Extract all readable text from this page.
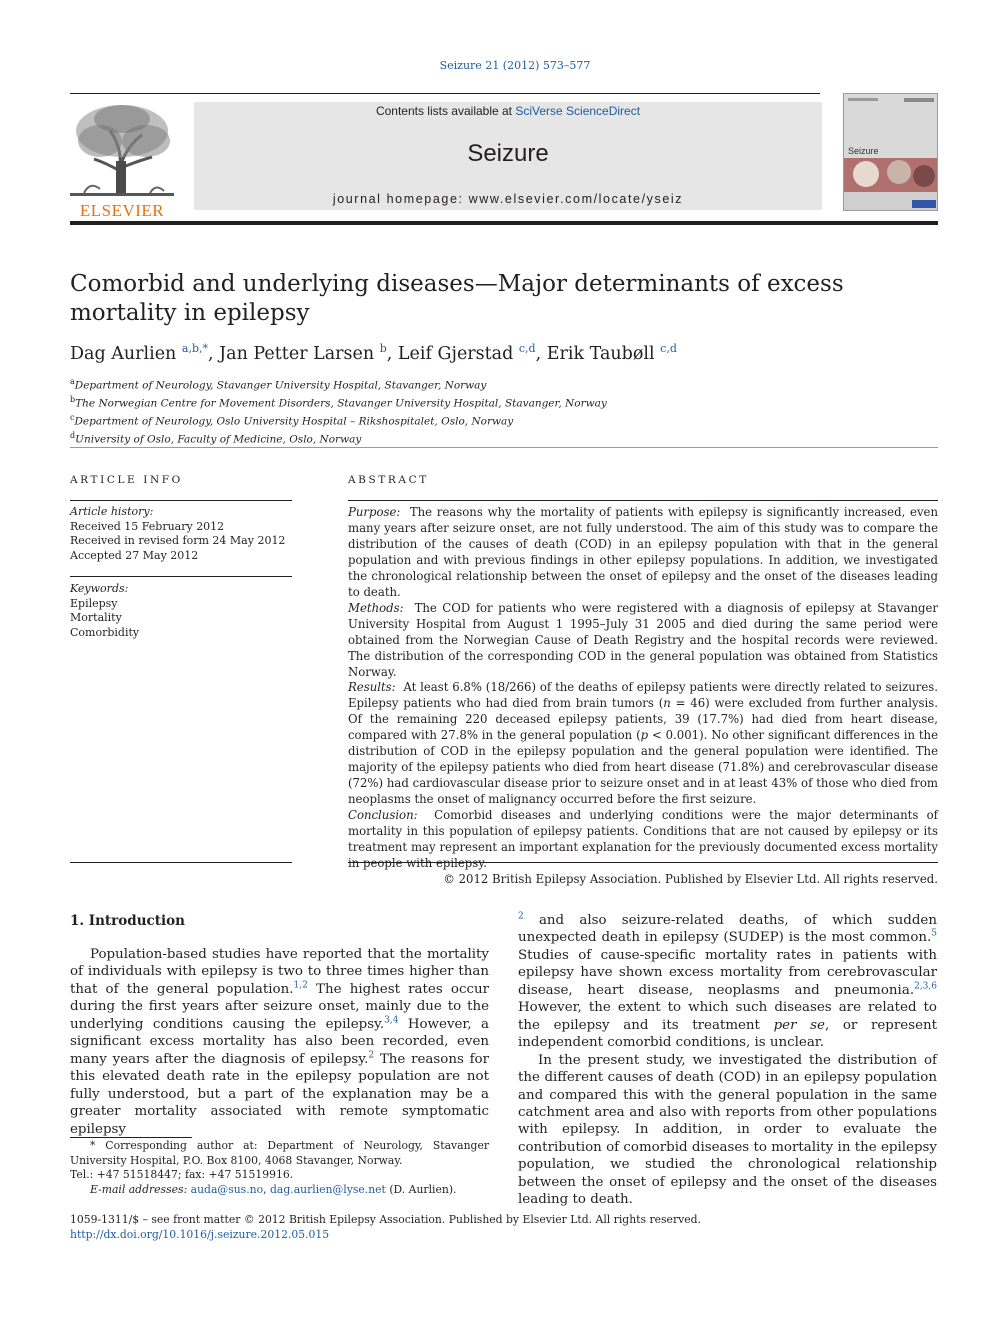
Seizure 21 (2012) 573–577
ELSEVIER
Contents lists available at SciVerse ScienceDirect
Seizure
journal homepage: www.elsevier.com/locate/yseiz
Seizure
Comorbid and underlying diseases—Major determinants of excess mortality in epilepsy
Dag Aurlien $^{a,b,*}$, Jan Petter Larsen $^b$, Leif Gjerstad $^{c,d}$, Erik Taubøll $^{c,d}$
$^a$Department of Neurology, Stavanger University Hospital, Stavanger, Norway
$^b$The Norwegian Centre for Movement Disorders, Stavanger University Hospital, Stavanger, Norway
$^c$Department of Neurology, Oslo University Hospital – Rikshospitalet, Oslo, Norway
$^d$University of Oslo, Faculty of Medicine, Oslo, Norway
ARTICLE INFO	ABSTRACT
Article history:
Received 15 February 2012
Received in revised form 24 May 2012
Accepted 27 May 2012
Keywords:
Epilepsy
Mortality
Comorbidity

Purpose: The reasons why the mortality of patients with epilepsy is significantly increased, even many years after seizure onset, are not fully understood. The aim of this study was to compare the distribution of the causes of death (COD) in an epilepsy population with that in the general population and with previous findings in other epilepsy populations. In addition, we investigated the chronological relationship between the onset of epilepsy and the onset of the diseases leading to death.

Methods: The COD for patients who were registered with a diagnosis of epilepsy at Stavanger University Hospital from August 1 1995–July 31 2005 and died during the same period were obtained from the Norwegian Cause of Death Registry and the hospital records were reviewed. The distribution of the corresponding COD in the general population was obtained from Statistics Norway.

Results: At least 6.8% (18/266) of the deaths of epilepsy patients were directly related to seizures. Epilepsy patients who had died from brain tumors (n = 46) were excluded from further analysis. Of the remaining 220 deceased epilepsy patients, 39 (17.7%) had died from heart disease, compared with 27.8% in the general population (p < 0.001). No other significant differences in the distribution of COD in the epilepsy population and the general population were identified. The majority of the epilepsy patients who died from heart disease (71.8%) and cerebrovascular disease (72%) had cardiovascular disease prior to seizure onset and in at least 43% of those who died from neoplasms the onset of malignancy occurred before the first seizure.

Conclusion: Comorbid diseases and underlying conditions were the major determinants of mortality in this population of epilepsy patients. Conditions that are not caused by epilepsy or its treatment may represent an important explanation for the previously documented excess mortality

© 2012 British Epilepsy Association. Published by Elsevier Ltd. All rights reserved.

1. Introduction

Population-based studies have reported that the mortality of individuals with epilepsy is two to three times higher than that of the general population.$^{1,2}$ The highest rates occur during the first years after seizure onset, mainly due to the underlying conditions causing the epilepsy.$^{3,4}$ However, a significant excess mortality has also been recorded, even many years after the diagnosis of epilepsy.$^2$ The reasons for this elevated death rate in the epilepsy population are not fully understood, but a part of the explanation may be a greater mortality associated with remote symptomatic epilepsy

$^2$ and also seizure-related deaths, of which sudden unexpected death in epilepsy (SUDEP) is the most common.$^5$ Studies of cause-specific mortality rates in patients with epilepsy have shown excess mortality from cerebrovascular disease, heart disease, neoplasms and pneumonia.$^{2,3,6}$ However, the extent to which such diseases are related to the epilepsy and its treatment per se, or represent independent comorbid conditions, is unclear.

In the present study, we investigated the distribution of the different causes of death (COD) in an epilepsy population and compared this with the general population in the same catchment area and also with reports from other populations with epilepsy. In addition, in order to evaluate the contribution of comorbid diseases to mortality in the epilepsy population, we studied the chronological relationship between the onset of epilepsy and the onset of the diseases leading to death.

* Corresponding author at: Department of Neurology, Stavanger University Hospital, P.O. Box 8100, 4068 Stavanger, Norway.

Tel.: +47 51518447; fax: +47 51519916.

E-mail addresses: auda@sus.no, dag.aurlien@lyse.net (D. Aurlien).

1059-1311/$ – see front matter © 2012 British Epilepsy Association. Published by Elsevier Ltd. All rights reserved.
http://dx.doi.org/10.1016/j.seizure.2012.05.015
